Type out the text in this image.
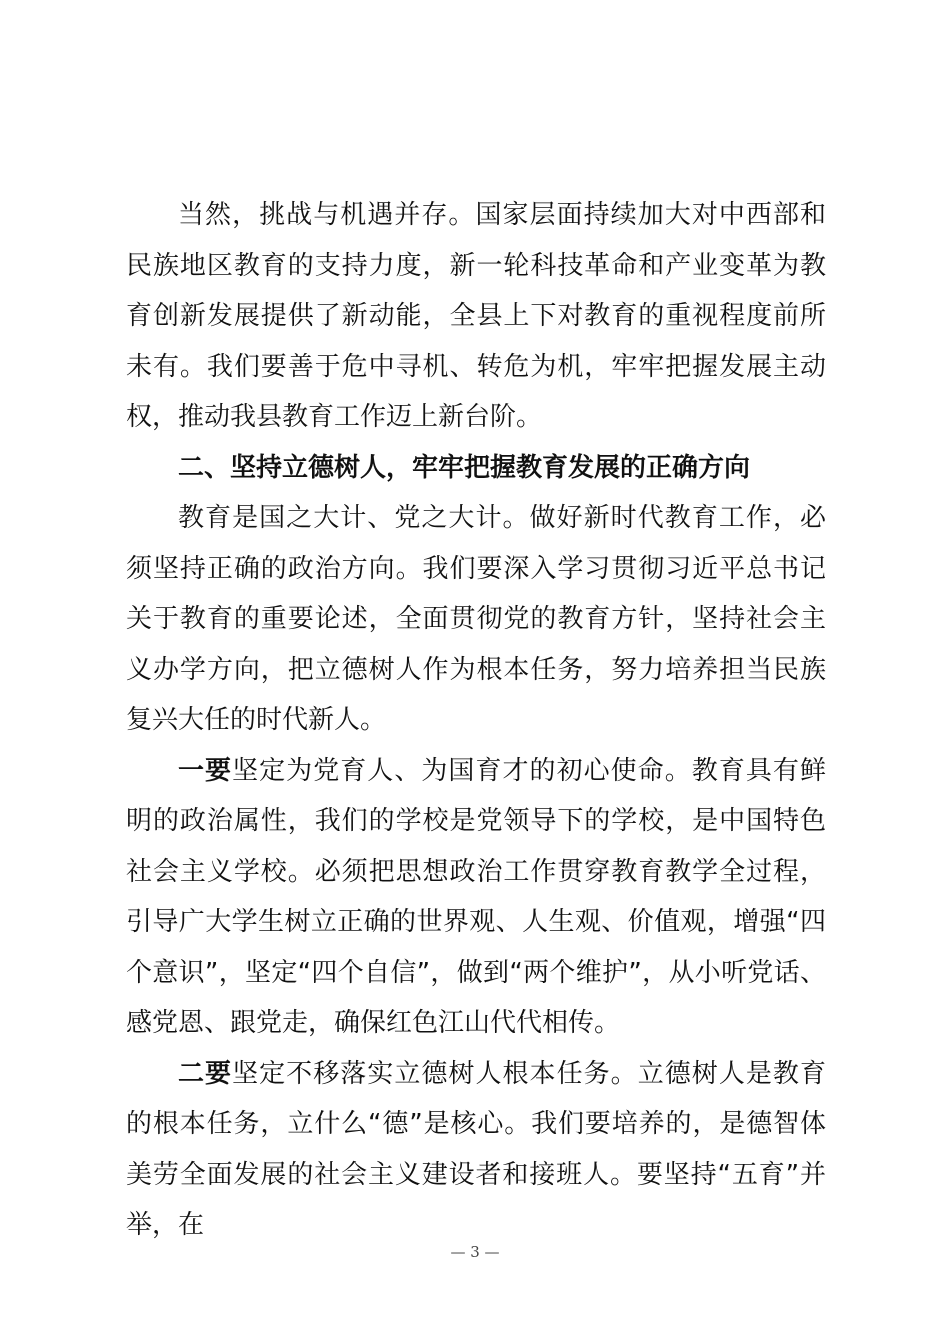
当然，挑战与机遇并存。国家层面持续加大对中西部和民族地区教育的支持力度，新一轮科技革命和产业变革为教育创新发展提供了新动能，全县上下对教育的重视程度前所未有。我们要善于危中寻机、转危为机，牢牢把握发展主动权，推动我县教育工作迈上新台阶。

二、坚持立德树人，牢牢把握教育发展的正确方向

教育是国之大计、党之大计。做好新时代教育工作，必须坚持正确的政治方向。我们要深入学习贯彻习近平总书记关于教育的重要论述，全面贯彻党的教育方针，坚持社会主义办学方向，把立德树人作为根本任务，努力培养担当民族复兴大任的时代新人。

一要坚定为党育人、为国育才的初心使命。教育具有鲜明的政治属性，我们的学校是党领导下的学校，是中国特色社会主义学校。必须把思想政治工作贯穿教育教学全过程，引导广大学生树立正确的世界观、人生观、价值观，增强“四个意识”，坚定“四个自信”，做到“两个维护”，从小听党话、感党恩、跟党走，确保红色江山代代相传。

二要坚定不移落实立德树人根本任务。立德树人是教育的根本任务，立什么“德”是核心。我们要培养的，是德智体美劳全面发展的社会主义建设者和接班人。要坚持“五育”并举，在

— 3 —
